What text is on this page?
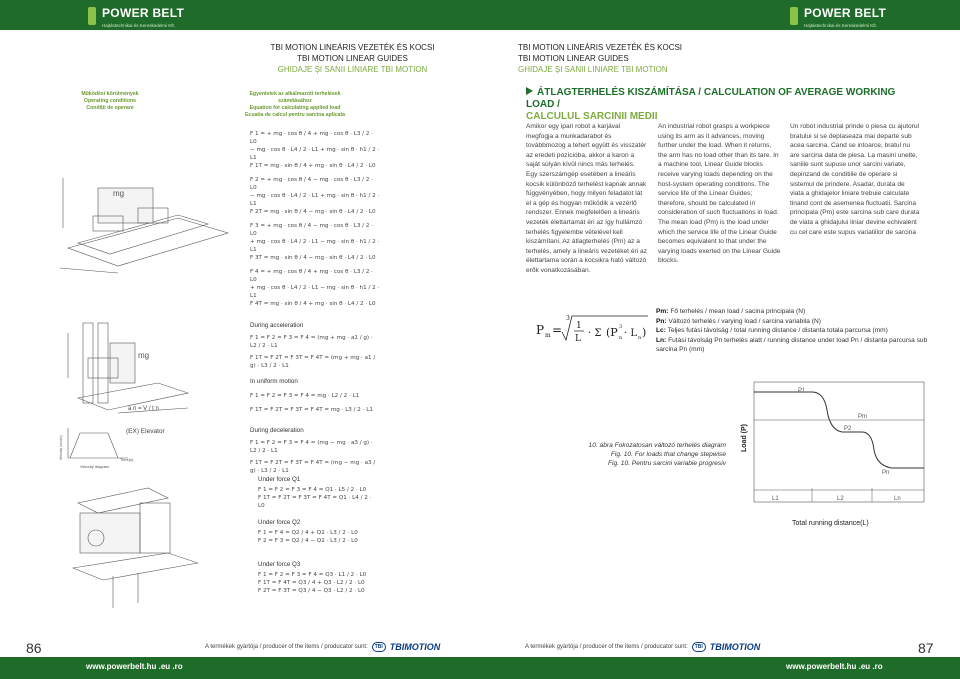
POWER BELT
Hajtástechnikai és Kereskedelmi Kft.
POWER BELT
Hajtástechnikai és Kereskedelmi Kft.
TBI MOTION LINEÁRIS VEZETÉK ÉS KOCSI
TBI MOTION LINEAR GUIDES
GHIDAJE ȘI SANII LINIARE TBI MOTION
TBI MOTION LINEÁRIS VEZETÉK ÉS KOCSI
TBI MOTION LINEAR GUIDES
GHIDAJE ȘI SANII LINIARE TBI MOTION
Működési körülmények
Operating conditions
Condiții de operare
Egyenletek az alkalmazott terhelések számításához
Equation for calculating applied load
Ecuatia de calcul pentru sarcina aplicata
mg
mg
a n = V / t n
(EX) Elevator
Time(s)
Velocity diagram
Velocity (m/sec)
F 1 = + mg · cos θ / 4 + mg · cos θ · L3 / 2 · L0
− mg · cos θ · L4 / 2 · L1 + mg · sin θ · h1 / 2 · L1
F 1T = mg · sin θ / 4 + mg · sin θ · L4 / 2 · L0
F 2 = + mg · cos θ / 4 − mg · cos θ · L3 / 2 · L0
− mg · cos θ · L4 / 2 · L1 + mg · sin θ · h1 / 2 · L1
F 2T = mg · sin θ / 4 − mg · sin θ · L4 / 2 · L0
F 3 = + mg · cos θ / 4 − mg · cos θ · L3 / 2 · L0
+ mg · cos θ · L4 / 2 · L1 − mg · sin θ · h1 / 2 · L1
F 3T = mg · sin θ / 4 − mg · sin θ · L4 / 2 · L0
F 4 = + mg · cos θ / 4 + mg · cos θ · L3 / 2 · L0
+ mg · cos θ · L4 / 2 · L1 − mg · sin θ · h1 / 2 · L1
F 4T = mg · sin θ / 4 + mg · sin θ · L4 / 2 · L0
During acceleration
F 1 = F 2 = F 3 = F 4 = (mg + mg · a1 / g) · L2 / 2 · L1
F 1T = F 2T = F 3T = F 4T = (mg + mg · a1 / g) · L3 / 2 · L1
In uniform motion
F 1 = F 2 = F 3 = F 4 = mg · L2 / 2 · L1
F 1T = F 2T = F 3T = F 4T = mg · L3 / 2 · L1
During deceleration
F 1 = F 2 = F 3 = F 4 = (mg − mg · a3 / g) · L2 / 2 · L1
F 1T = F 2T = F 3T = F 4T = (mg − mg · a3 / g) · L3 / 2 · L1
Under force Q1
F 1 = F 2 = F 3 = F 4 = Q1 · L5 / 2 · L0
F 1T = F 2T = F 3T = F 4T = Q1 · L4 / 2 · L0
Under force Q2
F 1 = F 4 = Q2 / 4 + Q2 · L3 / 2 · L0
F 2 = F 3 = Q2 / 4 − Q2 · L3 / 2 · L0
Under force Q3
F 1 = F 2 = F 3 = F 4 = Q3 · L1 / 2 · L0
F 1T = F 4T = Q3 / 4 + Q3 · L2 / 2 · L0
F 2T = F 3T = Q3 / 4 − Q3 · L2 / 2 · L0
ÁTLAGTERHELÉS KISZÁMÍTÁSA / CALCULATION OF AVERAGE WORKING LOAD /
CALCULUL SARCINII MEDII
Amikor egy ipari robot a karjával megfogja a munkadarabot és továbbmozog a tehert együtt és visszatér az eredeti pozícióba, akkor a karon a saját súlyán kívül nincs más terhelés. Egy szerszámgép esetében a lineáris kocsik különböző terhelést kapnak annak függvényében, hogy milyen feladatot lát el a gép és hogyan működik a vezérlő rendszer. Ennek megfelelően a lineáris vezeték élettartamát éri az így hullámzó terhelés figyelembe vételével kell kiszámítani. Az átlagterhelés (Pm) az a terhelés, amely a lineáris vezetéket éri az élettartama során a kocsikra ható változó erők vonatkozásában.
An industrial robot grasps a workpiece using its arm as it advances, moving further under the load. When it returns, the arm has no load other than its tare. In a machine tool, Linear Guide blocks receive varying loads depending on the host-system operating conditions. The service life of the Linear Guides; therefore, should be calculated in consideration of such fluctuations in load. The mean load (Pm) is the load under which the service life of the Linear Guide becomes equivalent to that under the varying loads exerted on the Linear Guide blocks.
Un robot industrial prinde o piesa cu ajutorul bratului si se deplaseaza mai departe sub acea sarcina. Cand se intoarce, bratul nu are sarcina data de piesa. La masini unelte, saniile sunt supuse unor sarcini variate, depinzand de conditiile de operare si sistemul de prindere. Asadar, durata de viata a ghidajelor liniare trebuie calculate tinand cont de asemenea fluctuatii. Sarcina principala (Pm) este sarcina sub care durata de viata a ghidajului liniar devine echivalent cu cel care este supus variatiilor de sarcina
P m =
3
1
L · Σ (P n
3
· L n )
Pm: Fő terhelés / mean load / sacina principala (N)
Pn: Változó terhelés / varying load / sarcina variabila (N)
Lc: Teljes futási távolság / total running distance / distanta totala parcursa (mm)
Ln: Futási távolság Pn terhelés alatt / running distance under load Pn / distanta parcursa sub sarcina Pn (mm)
10. ábra Fokozatosan változó terhelés diagram
Fig. 10. For loads that change stepwise
Fig. 10. Pentru sarcini variabie progresiv
Load (P)
Total running distance(L)
P1
P2
Pn
Pm
L1	L2	Ln
86	87
A termékek gyártója / producer of the items / producator sunt:	TBI TBIMOTION	A termékek gyártója / producer of the items / producator sunt:	TBI TBIMOTION
www.powerbelt.hu .eu .ro	www.powerbelt.hu .eu .ro
